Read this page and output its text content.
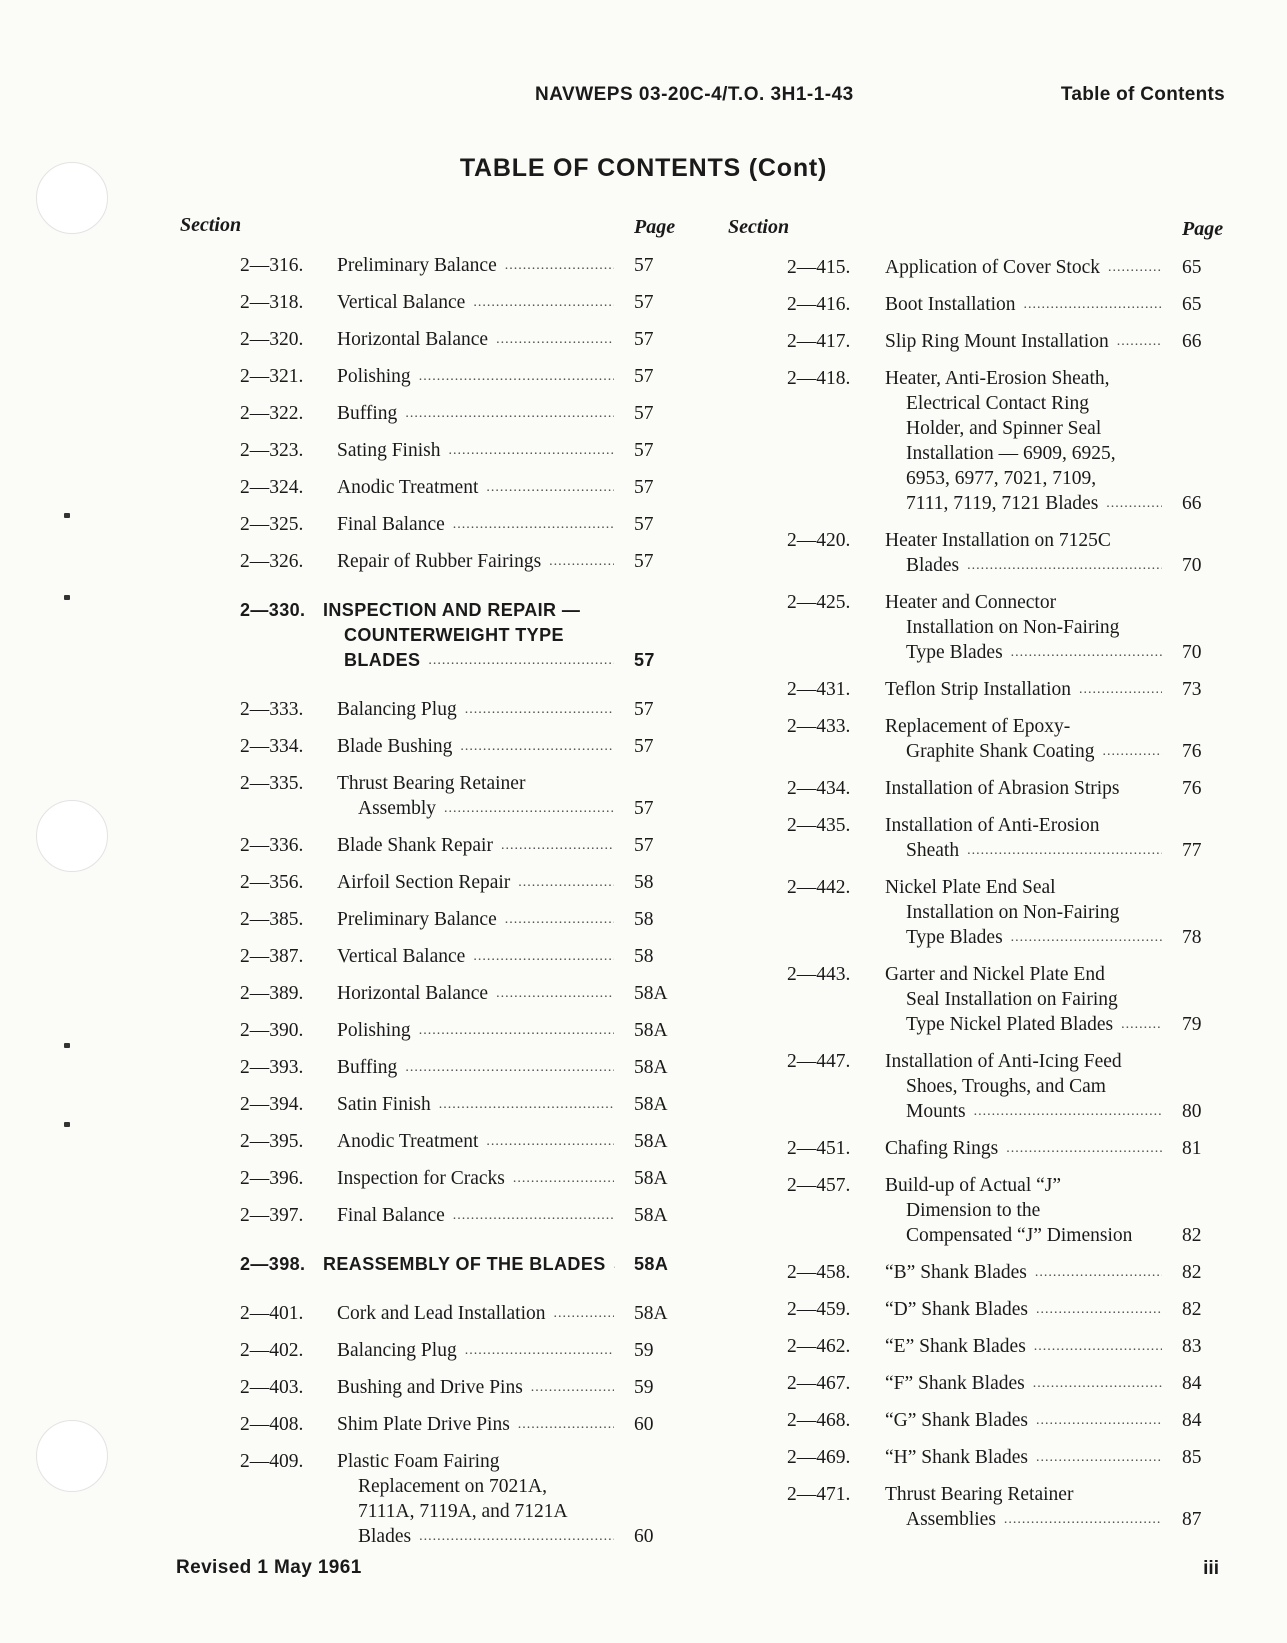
NAVWEPS 03-20C-4/T.O. 3H1-1-43	Table of Contents
TABLE OF CONTENTS (Cont)
Section	Page	Section	Page
2—316. Preliminary Balance .....	57
2—318. Vertical Balance .....	57
2—320. Horizontal Balance .....	57
2—321. Polishing .....	57
2—322. Buffing .....	57
2—323. Sating Finish .....	57
2—324. Anodic Treatment .....	57
2—325. Final Balance .....	57
2—326. Repair of Rubber Fairings .....	57
2—330. INSPECTION AND REPAIR —
COUNTERWEIGHT TYPE
BLADES .....	57
2—333. Balancing Plug .....	57
2—334. Blade Bushing .....	57
2—335. Thrust Bearing Retainer
Assembly .....	57
2—336. Blade Shank Repair .....	57
2—356. Airfoil Section Repair .....	58
2—385. Preliminary Balance .....	58
2—387. Vertical Balance .....	58
2—389. Horizontal Balance .....	58A
2—390. Polishing .....	58A
2—393. Buffing .....	58A
2—394. Satin Finish .....	58A
2—395. Anodic Treatment .....	58A
2—396. Inspection for Cracks .....	58A
2—397. Final Balance .....	58A
2—398. REASSEMBLY OF THE BLADES ..... 58A
2—401. Cork and Lead Installation .....	58A
2—402. Balancing Plug .....	59
2—403. Bushing and Drive Pins .....	59
2—408. Shim Plate Drive Pins .....	60
2—409. Plastic Foam Fairing
Replacement on 7021A,
7111A, 7119A, and 7121A
Blades .....	60
2—415. Application of Cover Stock .....	65
2—416. Boot Installation .....	65
2—417. Slip Ring Mount Installation .....	66
2—418. Heater, Anti-Erosion Sheath,
Electrical Contact Ring
Holder, and Spinner Seal
Installation — 6909, 6925,
6953, 6977, 7021, 7109,
7111, 7119, 7121 Blades .....	66
2—420. Heater Installation on 7125C
Blades .....	70
2—425. Heater and Connector
Installation on Non-Fairing
Type Blades .....	70
2—431. Teflon Strip Installation .....	73
2—433. Replacement of Epoxy-
Graphite Shank Coating .....	76
2—434. Installation of Abrasion Strips	76
2—435. Installation of Anti-Erosion
Sheath .....	77
2—442. Nickel Plate End Seal
Installation on Non-Fairing
Type Blades .....	78
2—443. Garter and Nickel Plate End
Seal Installation on Fairing
Type Nickel Plated Blades .....	79
2—447. Installation of Anti-Icing Feed
Shoes, Troughs, and Cam
Mounts .....	80
2—451. Chafing Rings .....	81
2—457. Build-up of Actual “J”
Dimension to the
Compensated “J” Dimension	82
2—458. “B” Shank Blades .....	82
2—459. “D” Shank Blades .....	82
2—462. “E” Shank Blades .....	83
2—467. “F” Shank Blades .....	84
2—468. “G” Shank Blades .....	84
2—469. “H” Shank Blades .....	85
2—471. Thrust Bearing Retainer
Assemblies .....	87
Revised 1 May 1961	iii
